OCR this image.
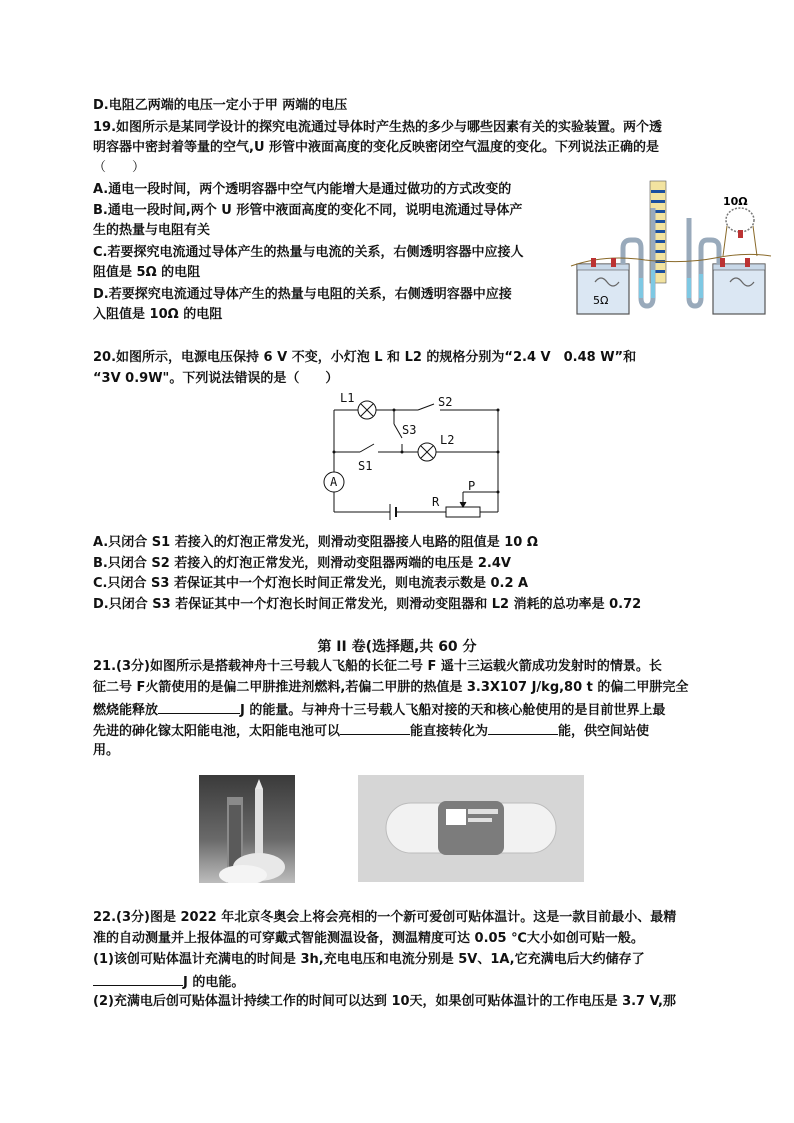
D.电阻乙两端的电压一定小于甲 两端的电压
19.如图所示是某同学设计的探究电流通过导体时产生热的多少与哪些因素有关的实验装置。两个透
明容器中密封着等量的空气,U 形管中液面高度的变化反映密闭空气温度的变化。下列说法正确的是
（　　）
A.通电一段时间，两个透明容器中空气内能增大是通过做功的方式改变的
B.通电一段时间,两个 U 形管中液面高度的变化不同，说明电流通过导体产
生的热量与电阻有关
C.若要探究电流通过导体产生的热量与电流的关系，右侧透明容器中应接人
阻值是 5Ω 的电阻
D.若要探究电流通过导体产生的热量与电阻的关系，右侧透明容器中应接
入阻值是 10Ω 的电阻
10Ω
5Ω
20.如图所示，电源电压保持 6 V 不变，小灯泡 L 和 L2 的规格分别为“2.4 V　0.48 W”和
“3V 0.9W"。下列说法错误的是（　　）
L1	S2
S3
L2
S1
A
R
P
A.只闭合 S1 若接入的灯泡正常发光，则滑动变阻器接人电路的阻值是 10 Ω
B.只闭合 S2 若接入的灯泡正常发光，则滑动变阻器两端的电压是 2.4V
C.只闭合 S3 若保证其中一个灯泡长时间正常发光，则电流表示数是 0.2 A
D.只闭合 S3 若保证其中一个灯泡长时间正常发光，则滑动变阻器和 L2 消耗的总功率是 0.72
第 II 卷(选择题,共 60 分
21.(3分)如图所示是搭载神舟十三号载人飞船的长征二号 F 遥十三运载火箭成功发射时的情景。长
征二号 F火箭使用的是偏二甲肼推进剂燃料,若偏二甲肼的热值是 3.3X107 J/kg,80 t 的偏二甲肼完全
燃烧能释放	J 的能量。与神舟十三号载人飞船对接的天和核心舱使用的是目前世界上最
先进的砷化镓太阳能电池，太阳能电池可以	能直接转化为	能，供空间站使
用。
22.(3分)图是 2022 年北京冬奥会上将会亮相的一个新可爱创可贴体温计。这是一款目前最小、最精
准的自动测量并上报体温的可穿戴式智能测温设备，测温精度可达 0.05 ℃大小如创可贴一般。
(1)该创可贴体温计充满电的时间是 3h,充电电压和电流分别是 5V、1A,它充满电后大约储存了
J 的电能。
(2)充满电后创可贴体温计持续工作的时间可以达到 10天，如果创可贴体温计的工作电压是 3.7 V,那
